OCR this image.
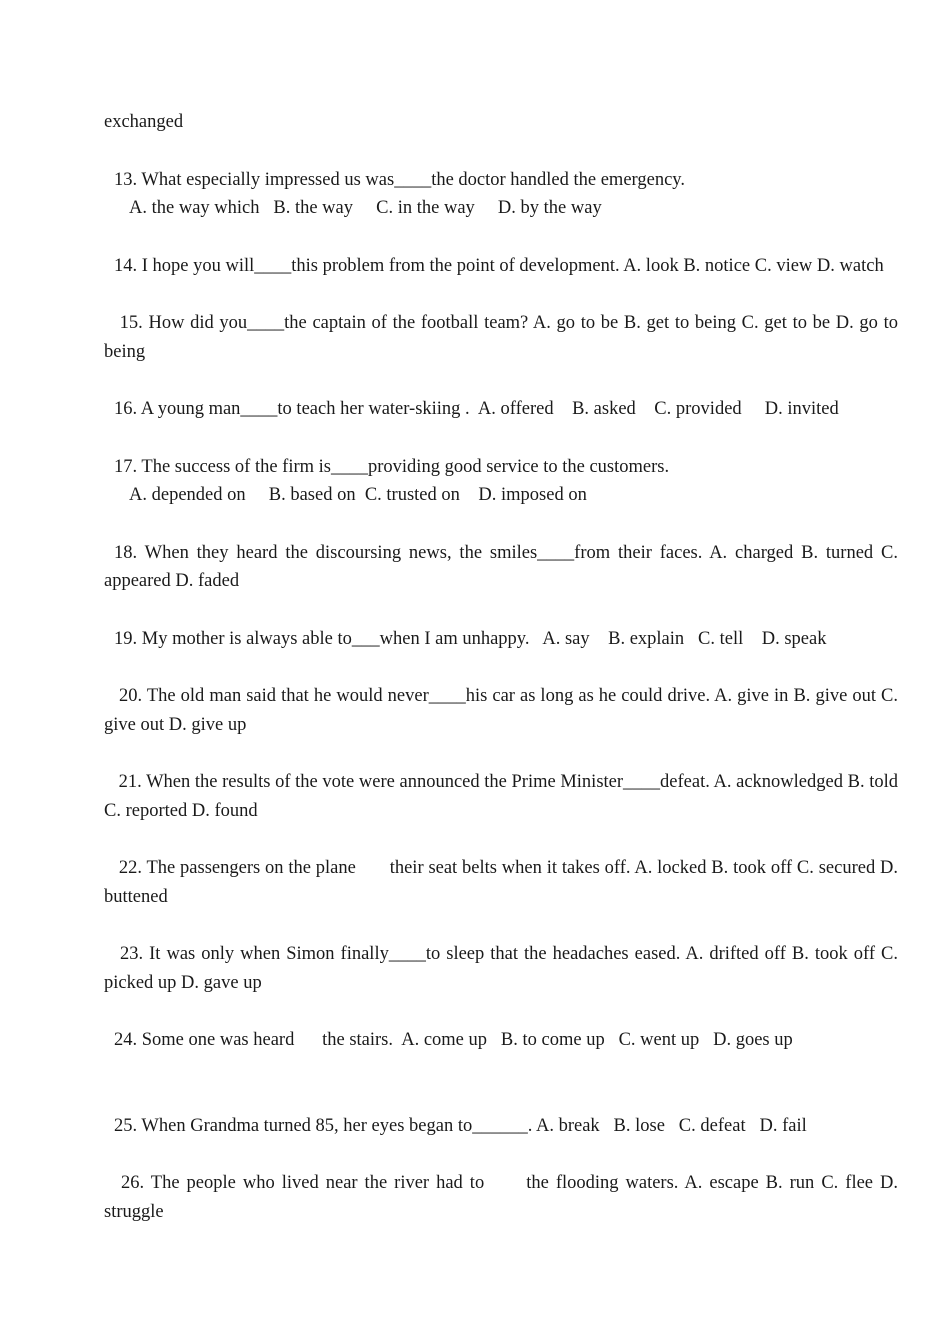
exchanged

13. What especially impressed us was____the doctor handled the emergency.

A. the way which   B. the way     C. in the way     D. by the way

14. I hope you will____this problem from the point of development. A. look B. notice C. view D. watch

15. How did you____the captain of the football team? A. go to be B. get to being C. get to be D. go to being

16. A young man____to teach her water-skiing .  A. offered    B. asked    C. provided     D. invited

17. The success of the firm is____providing good service to the customers.

A. depended on     B. based on  C. trusted on    D. imposed on

18. When they heard the discoursing news, the smiles____from their faces. A. charged B. turned C. appeared D. faded

19. My mother is always able to___when I am unhappy.   A. say    B. explain   C. tell    D. speak

20. The old man said that he would never____his car as long as he could drive. A. give in B. give out C. give out D. give up

21. When the results of the vote were announced the Prime Minister____defeat. A. acknowledged B. told C. reported D. found

22. The passengers on the plane their seat belts when it takes off. A. locked B. took off C. secured D. buttened

23. It was only when Simon finally____to sleep that the headaches eased. A. drifted off B. took off C. picked up D. gave up

24. Some one was heard the stairs.  A. come up   B. to come up   C. went up   D. goes up

25. When Grandma turned 85, her eyes began to______. A. break   B. lose   C. defeat   D. fail

26. The people who lived near the river had to the flooding waters. A. escape B. run C. flee D. struggle
